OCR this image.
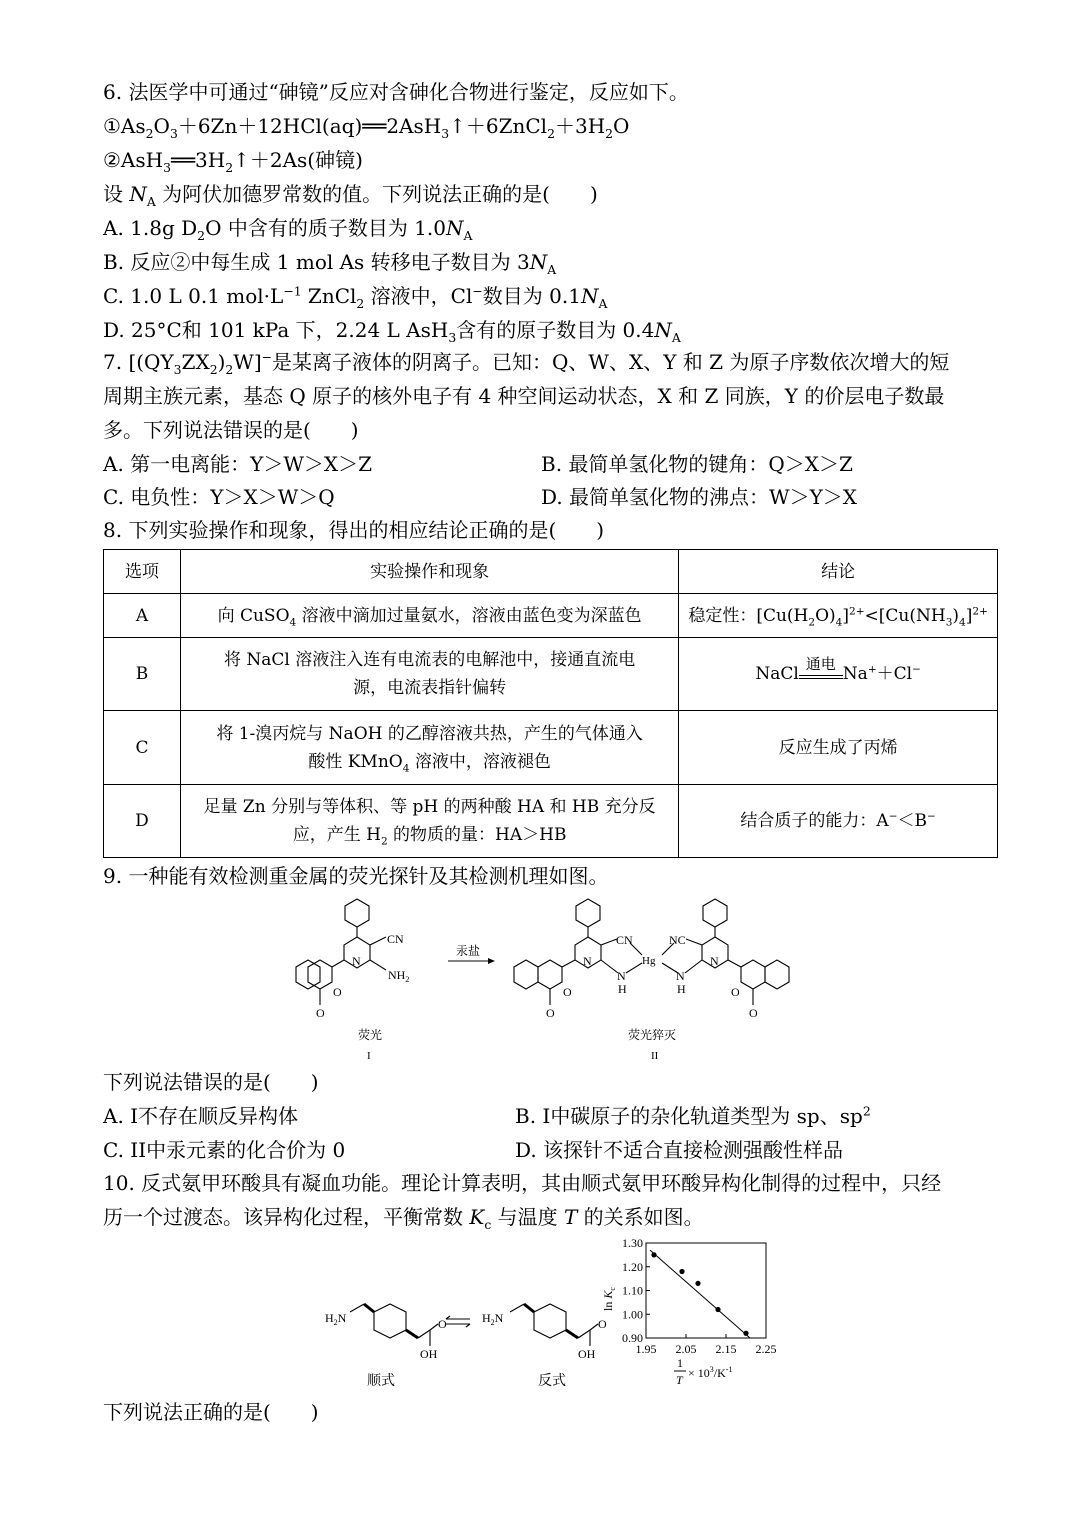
6. 法医学中可通过“砷镜”反应对含砷化合物进行鉴定，反应如下。
$①As_2O_3+6Zn+12HCl(aq)══2AsH_3↑+6ZnCl_2+3H_2O$
$②AsH_3══3H_2↑+2As$(砷镜)
设 $N_A$ 为阿伏加德罗常数的值。下列说法正确的是(　　)
A. 1.8g $D_2O$ 中含有的质子数目为 $1.0N_A$
B. 反应②中每生成 1 mol As 转移电子数目为 $3N_A$
C. 1.0 L 0.1 $mol\cdot L^{-1}$ ZnCl$_2$ 溶液中，Cl−数目为 $0.1N_A$
D. 25°C和 101 kPa 下，2.24 L AsH$_3$含有的原子数目为 $0.4N_A$
7. $[(QY_3ZX_2)_2W]^-$是某离子液体的阴离子。已知：Q、W、X、Y 和 Z 为原子序数依次增大的短
周期主族元素，基态 Q 原子的核外电子有 4 种空间运动状态，X 和 Z 同族，Y 的价层电子数最
多。下列说法错误的是(　　)
A. 第一电离能：Y＞W＞X＞Z	B. 最简单氢化物的键角：Q＞X＞Z
C. 电负性：Y＞X＞W＞Q	D. 最简单氢化物的沸点：W＞Y＞X
8. 下列实验操作和现象，得出的相应结论正确的是(　　)
选项	实验操作和现象	结论
A	向 CuSO$_4$ 溶液中滴加过量氨水，溶液由蓝色变为深蓝色	稳定性：$[Cu(H_2O)_4]^{2+}<[Cu(NH_3)_4]^{2+}$
B	将 NaCl 溶液注入连有电流表的电解池中，接通直流电
源，电流表指针偏转	NaCl 通电 Na+＋Cl−
C	将 1-溴丙烷与 NaOH 的乙醇溶液共热，产生的气体通入
酸性 KMnO$_4$ 溶液中，溶液褪色	反应生成了丙烯
D	足量 Zn 分别与等体积、等 pH 的两种酸 HA 和 HB 充分反
应，产生 $H_2$ 的物质的量：HA＞HB	结合质子的能力：A−＜B−
9. 一种能有效检测重金属的荧光探针及其检测机理如图。
CN
$NH_2$
N
O
O
荧光
I
汞盐
CN	NC
Hg
N
H
N
H
N	N
O	O
O	O
荧光猝灭
II
下列说法错误的是(　　)
A. I不存在顺反异构体	B. I中碳原子的杂化轨道类型为 sp、$sp^2$
C. II中汞元素的化合价为 0	D. 该探针不适合直接检测强酸性样品
10. 反式氨甲环酸具有凝血功能。理论计算表明，其由顺式氨甲环酸异构化制得的过程中，只经
历一个过渡态。该异构化过程，平衡常数 $K_c$ 与温度 T 的关系如图。
$H_2N$	O
OH
顺式
$H_2N$	O
OH
反式
0.90
1.00
1.10
1.20
1.30
1.95 2.05 2.15 2.25
$\ln K_c$
1
$T \times 10^3/K^{-1}$
下列说法正确的是(　　)
